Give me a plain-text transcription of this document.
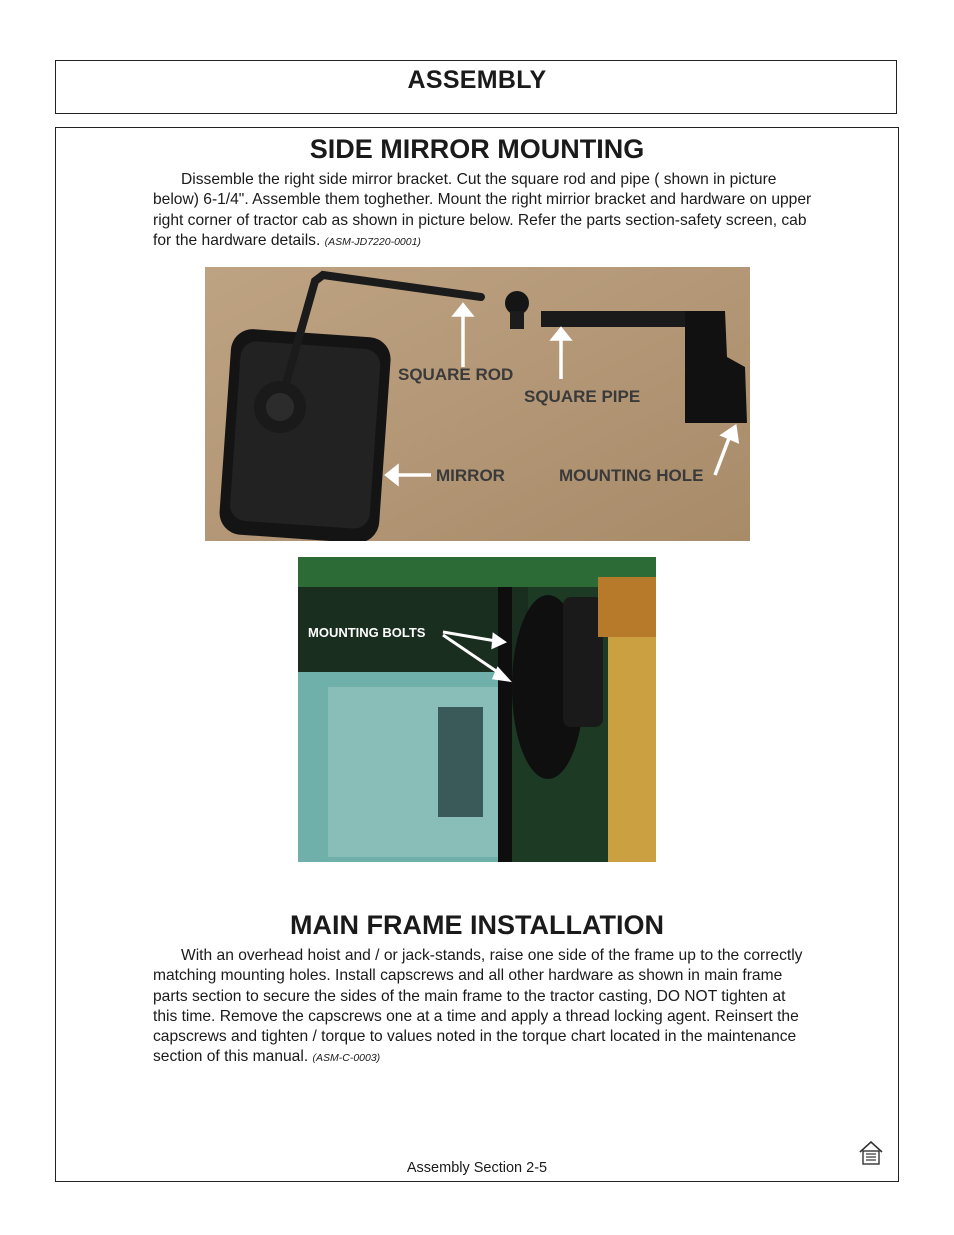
ASSEMBLY
SIDE MIRROR MOUNTING
Dissemble the right side mirror bracket. Cut the square rod and pipe ( shown in picture below) 6-1/4". Assemble them toghether. Mount the right mirrior bracket and hardware on upper right corner of tractor cab as shown in picture below. Refer the parts section-safety screen, cab for the hardware details. (ASM-JD7220-0001)
SQUARE ROD
SQUARE PIPE
MIRROR	MOUNTING HOLE
MOUNTING BOLTS
MAIN FRAME INSTALLATION
With an overhead hoist and / or jack-stands, raise one side of the frame up to the correctly matching mounting holes. Install capscrews and all other hardware as shown in main frame parts section to secure the sides of the main frame to the tractor casting, DO NOT tighten at this time. Remove the capscrews one at a time and apply a thread locking agent. Reinsert the capscrews and tighten / torque to values noted in the torque chart located in the maintenance section of this manual. (ASM-C-0003)
Assembly Section 2-5
